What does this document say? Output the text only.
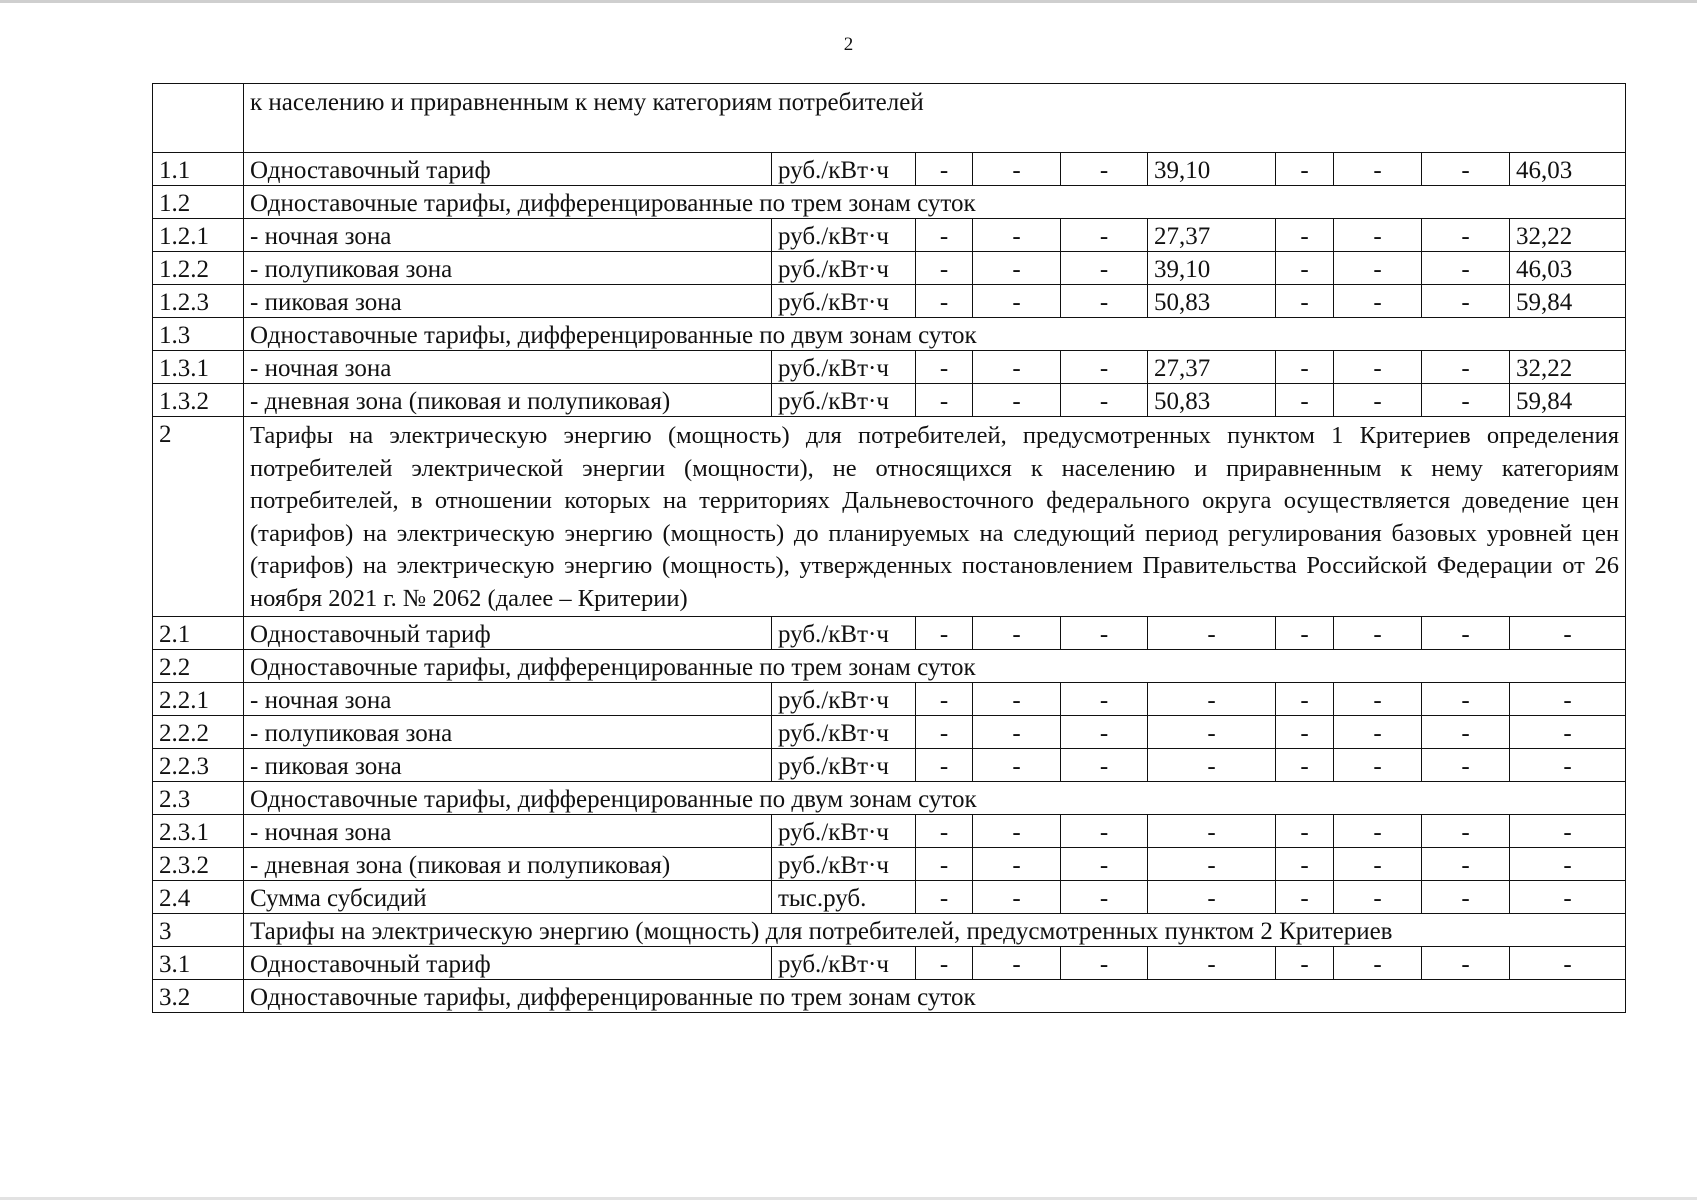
2
	к населению и приравненным к нему категориям потребителей									
1.1	Одноставочный тариф	руб./кВт·ч	-	-	-	39,10	-	-	-	46,03
1.2	Одноставочные тарифы, дифференцированные по трем зонам суток									
1.2.1	- ночная зона	руб./кВт·ч	-	-	-	27,37	-	-	-	32,22
1.2.2	- полупиковая зона	руб./кВт·ч	-	-	-	39,10	-	-	-	46,03
1.2.3	- пиковая зона	руб./кВт·ч	-	-	-	50,83	-	-	-	59,84
1.3	Одноставочные тарифы, дифференцированные по двум зонам суток									
1.3.1	- ночная зона	руб./кВт·ч	-	-	-	27,37	-	-	-	32,22
1.3.2	- дневная зона (пиковая и полупиковая)	руб./кВт·ч	-	-	-	50,83	-	-	-	59,84
2	Тарифы на электрическую энергию (мощность) для потребителей, предусмотренных пунктом 1 Критериев определения потребителей электрической энергии (мощности), не относящихся к населению и приравненным к нему категориям потребителей, в отношении которых на территориях Дальневосточного федерального округа осуществляется доведение цен (тарифов) на электрическую энергию (мощность) до планируемых на следующий период регулирования базовых уровней цен (тарифов) на электрическую энергию (мощность), утвержденных постановлением Правительства Российской Федерации от 26 ноября 2021 г. № 2062 (далее – Критерии)									
2.1	Одноставочный тариф	руб./кВт·ч	-	-	-	-	-	-	-	-
2.2	Одноставочные тарифы, дифференцированные по трем зонам суток									
2.2.1	- ночная зона	руб./кВт·ч	-	-	-	-	-	-	-	-
2.2.2	- полупиковая зона	руб./кВт·ч	-	-	-	-	-	-	-	-
2.2.3	- пиковая зона	руб./кВт·ч	-	-	-	-	-	-	-	-
2.3	Одноставочные тарифы, дифференцированные по двум зонам суток									
2.3.1	- ночная зона	руб./кВт·ч	-	-	-	-	-	-	-	-
2.3.2	- дневная зона (пиковая и полупиковая)	руб./кВт·ч	-	-	-	-	-	-	-	-
2.4	Сумма субсидий	тыс.руб.	-	-	-	-	-	-	-	-
3	Тарифы на электрическую энергию (мощность) для потребителей, предусмотренных пунктом 2 Критериев									
3.1	Одноставочный тариф	руб./кВт·ч	-	-	-	-	-	-	-	-
3.2	Одноставочные тарифы, дифференцированные по трем зонам суток									
